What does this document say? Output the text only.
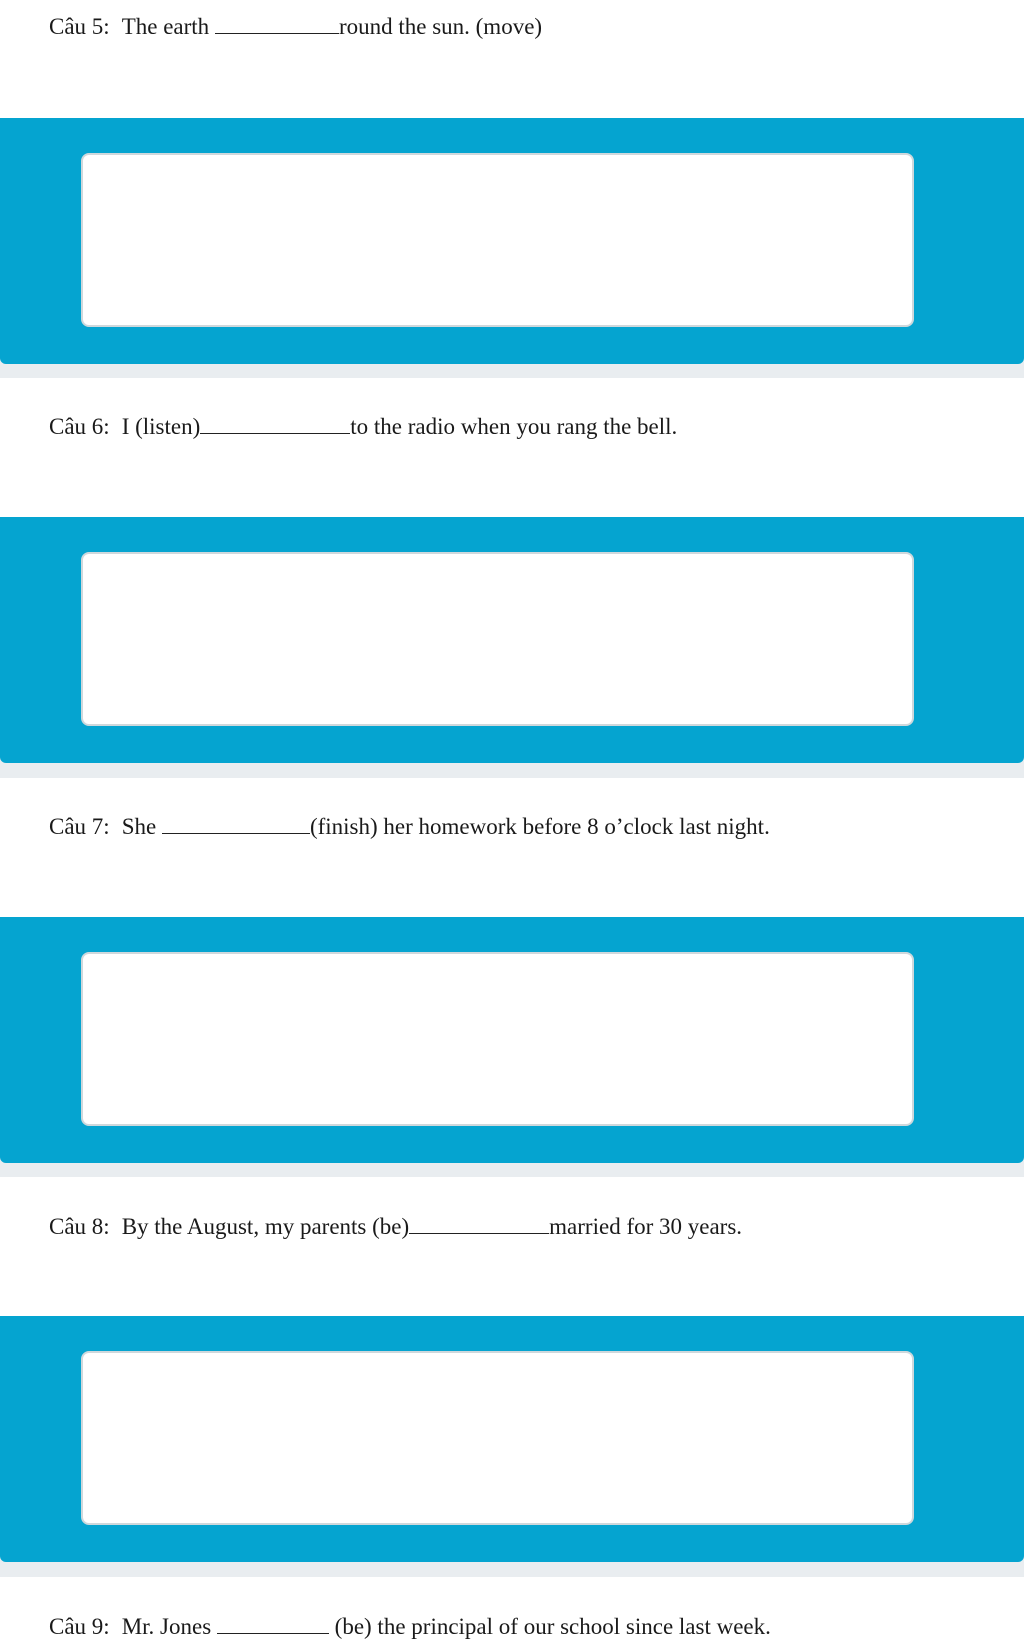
Câu 5: The earth	round the sun. (move)
Câu 6: I (listen)	to the radio when you rang the bell.
Câu 7: She	(finish) her homework before 8 o’clock last night.
Câu 8: By the August, my parents (be)	married for 30 years.
Câu 9: Mr. Jones	(be) the principal of our school since last week.
